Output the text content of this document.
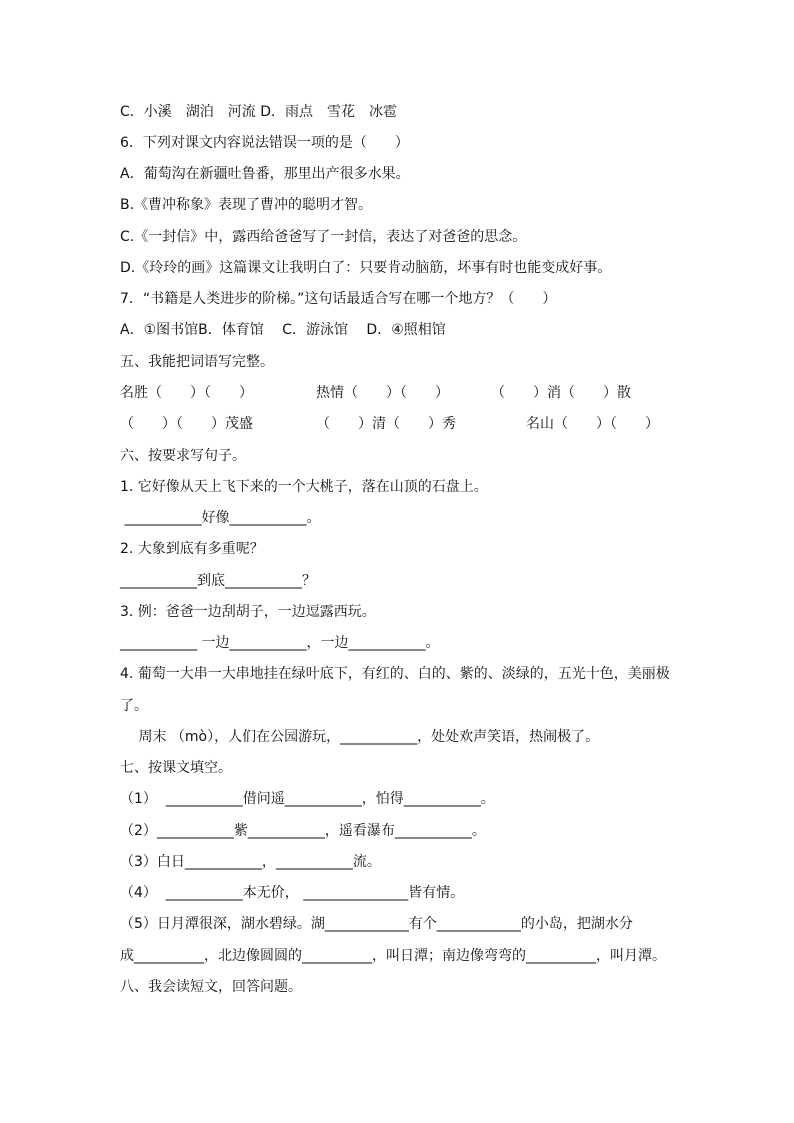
C．小溪　湖泊　河流 D．雨点　雪花　冰雹
6．下列对课文内容说法错误一项的是（　　）
A．葡萄沟在新疆吐鲁番，那里出产很多水果。
B.《曹冲称象》表现了曹冲的聪明才智。
C.《一封信》中，露西给爸爸写了一封信，表达了对爸爸的思念。
D.《玲玲的画》这篇课文让我明白了：只要肯动脑筋，坏事有时也能变成好事。
7．“书籍是人类进步的阶梯。”这句话最适合写在哪一个地方？（　　）
A．①图书馆B．体育馆　 C．游泳馆　 D．④照相馆
五、我能把词语写完整。
名胜（　　）（　　）　　　　　热情（　　）（　　）　　　　（　　）消（　　）散
（　　）（　　）茂盛　　　　　（　　）清（　　）秀　　　　　名山（　　）（　　）
六、按要求写句子。
1. 它好像从天上飞下来的一个大桃子，落在山顶的石盘上。
___________好像___________。
2. 大象到底有多重呢？
___________到底___________？
3. 例：爸爸一边刮胡子，一边逗露西玩。
___________ 一边___________，一边___________。
4. 葡萄一大串一大串地挂在绿叶底下，有红的、白的、紫的、淡绿的，五光十色，美丽极
了。
　 周末 （mò），人们在公园游玩，___________，处处欢声笑语，热闹极了。
七、按课文填空。
（1）  ___________借问遥___________，怕得___________。
（2）___________紫___________，遥看瀑布___________。
（3）白日___________，___________流。
（4）  ___________本无价， _______________皆有情。
（5）日月潭很深，湖水碧绿。湖____________有个____________的小岛，把湖水分
成__________，北边像圆圆的__________，叫日潭；南边像弯弯的__________，叫月潭。
八、我会读短文，回答问题。
